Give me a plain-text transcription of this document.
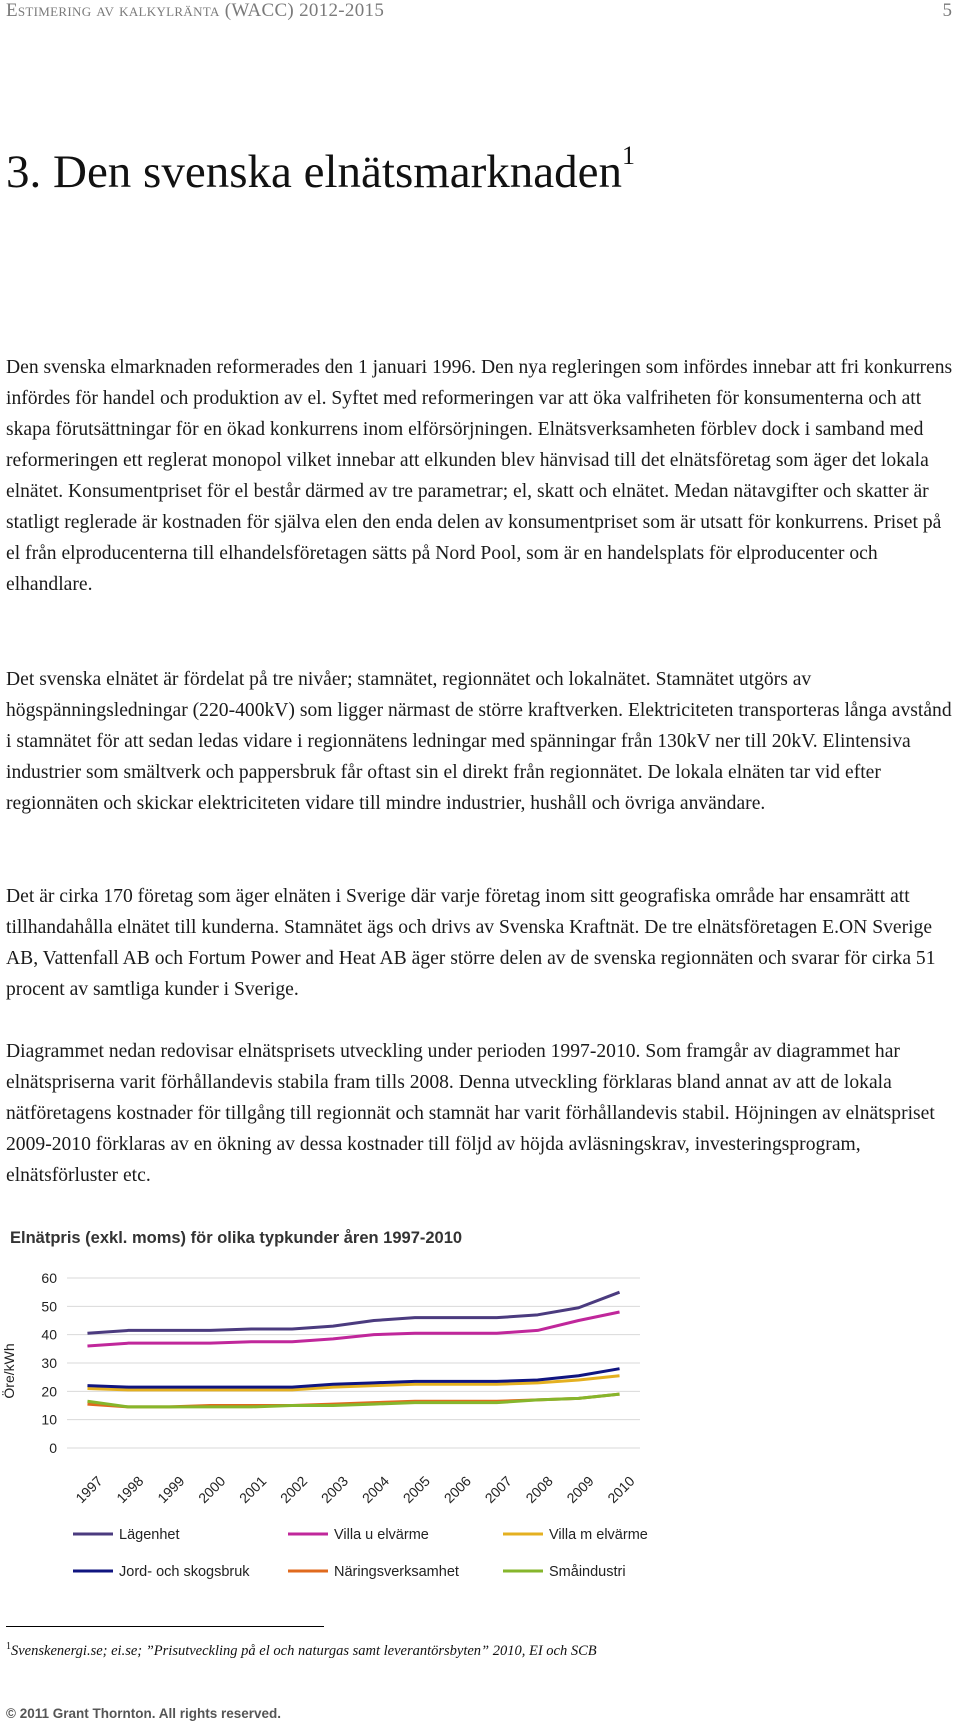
Estimering av kalkylränta (WACC) 2012-2015	5
3. Den svenska elnätsmarknaden$^1$

Den svenska elmarknaden reformerades den 1 januari 1996. Den nya regleringen som infördes innebar att fri konkurrens infördes för handel och produktion av el. Syftet med reformeringen var att öka valfriheten för konsumenterna och att skapa förutsättningar för en ökad konkurrens inom elförsörjningen. Elnätsverksamheten förblev dock i samband med reformeringen ett reglerat monopol vilket innebar att elkunden blev hänvisad till det elnätsföretag som äger det lokala elnätet. Konsumentpriset för el består därmed av tre parametrar; el, skatt och elnätet. Medan nätavgifter och skatter är statligt reglerade är kostnaden för själva elen den enda delen av konsumentpriset som är utsatt för konkurrens. Priset på el från elproducenterna till elhandelsföretagen sätts på Nord Pool, som är en handelsplats för elproducenter och elhandlare.

Det svenska elnätet är fördelat på tre nivåer; stamnätet, regionnätet och lokalnätet. Stamnätet utgörs av högspänningsledningar (220-400kV) som ligger närmast de större kraftverken. Elektriciteten transporteras långa avstånd i stamnätet för att sedan ledas vidare i regionnätens ledningar med spänningar från 130kV ner till 20kV. Elintensiva industrier som smältverk och pappersbruk får oftast sin el direkt från regionnätet. De lokala elnäten tar vid efter regionnäten och skickar elektriciteten vidare till mindre industrier, hushåll och övriga användare.

Det är cirka 170 företag som äger elnäten i Sverige där varje företag inom sitt geografiska område har ensamrätt att tillhandahålla elnätet till kunderna. Stamnätet ägs och drivs av Svenska Kraftnät. De tre elnätsföretagen E.ON Sverige AB, Vattenfall AB och Fortum Power and Heat AB äger större delen av de svenska regionnäten och svarar för cirka 51 procent av samtliga kunder i Sverige.

Diagrammet nedan redovisar elnätsprisets utveckling under perioden 1997-2010. Som framgår av diagrammet har elnätspriserna varit förhållandevis stabila fram tills 2008. Denna utveckling förklaras bland annat av att de lokala nätföretagens kostnader för tillgång till regionnät och stamnät har varit förhållandevis stabil. Höjningen av elnätspriset 2009-2010 förklaras av en ökning av dessa kostnader till följd av höjda avläsningskrav, investeringsprogram, elnätsförluster etc.

Elnätpris (exkl. moms) för olika typkunder åren 1997-2010
0
10
20
30
40
50
60
Öre/kWh
1997 1998 1999 2000 2001 2002 2003 2004 2005 2006 2007 2008 2009 2010
Lägenhet	Villa u elvärme	Villa m elvärme
Jord- och skogsbruk	Näringsverksamhet	Småindustri
$^1$Svenskenergi.se; ei.se; ”Prisutveckling på el och naturgas samt leverantörsbyten” 2010, EI och SCB
© 2011 Grant Thornton. All rights reserved.
